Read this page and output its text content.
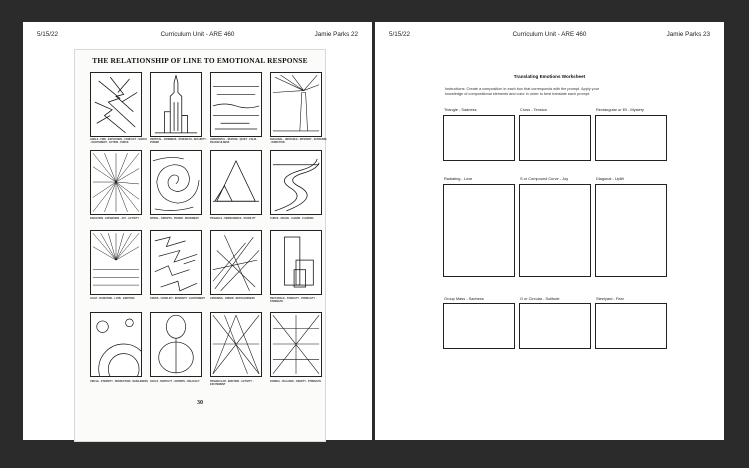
5/15/22	Curriculum Unit - ARE 460	Jamie Parks 22
THE RELATIONSHIP OF LINE TO EMOTIONAL RESPONSE
ANGLE - FIRE - EXPLOSION - CONFLICT - SHOCK - EXCITEMENT - ACTION - FORCE
VERTICAL - FIRMNESS - STRENGTH - SECURITY - POWER
HORIZONTAL - REPOSE - QUIET - CALM - PEACEFULNESS
DIAGONAL - UNSTABLE - INTEREST - SUSPENSE - DIRECTION
RADIATION - EXPANSION - JOY - ACTIVITY	SPIRAL - GROWTH - POWER - MOVEMENT	TRIANGLE - PERMANENCE - STABILITY	CURVE - GRACE - CHARM - FLOWING
LIGHT - RADIATING - LOVE - EMOTION	CROSS - CONFLICT - INTENSITY - EXCITEMENT	CROSSING - ORDER - RESTLESSNESS	RECTANGLE - STABILITY - FORMALITY - STRENGTH
CIRCLE - ETERNITY - PERFECTION - WHOLENESS OVALS - FERTILITY - GROWTH - DELICACY	TRIANGULAR - EMOTION - ACTIVITY - EXCITEMENT
FORMAL - BALANCE - DIGNITY - STRENGTH
30
5/15/22	Curriculum Unit - ARE 460	Jamie Parks 23
Translating Emotions Worksheet
Instructions: Create a composition in each box that corresponds with the prompt. Apply your knowledge of compositional elements and color in order to best translate each prompt.
Triangle - Sadness	Cross - Tension	Rectangular or Ell - Mystery
Radiating - Love	S or Compound Curve - Joy	Diagonal - Uplift
Group Mass - Sadness	O or Circular - Solitude	Steelyard - Fear
